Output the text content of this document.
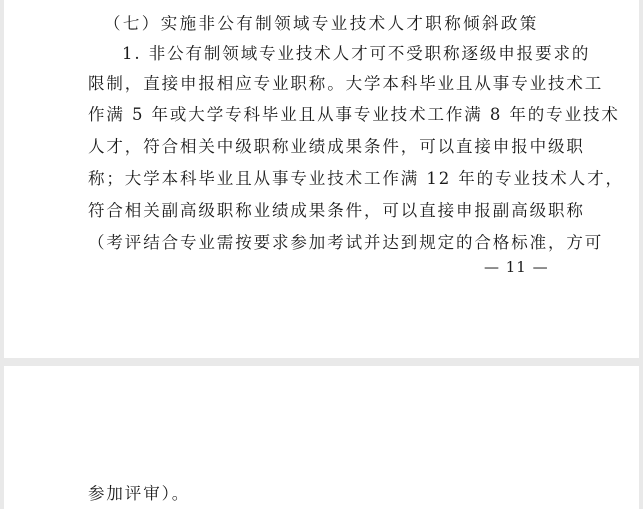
（七）实施非公有制领域专业技术人才职称倾斜政策
1. 非公有制领域专业技术人才可不受职称逐级申报要求的
限制，直接申报相应专业职称。大学本科毕业且从事专业技术工
作满 5 年或大学专科毕业且从事专业技术工作满 8 年的专业技术
人才，符合相关中级职称业绩成果条件，可以直接申报中级职
称；大学本科毕业且从事专业技术工作满 12 年的专业技术人才，
符合相关副高级职称业绩成果条件，可以直接申报副高级职称
（考评结合专业需按要求参加考试并达到规定的合格标准，方可
— 11 —
参加评审）。
